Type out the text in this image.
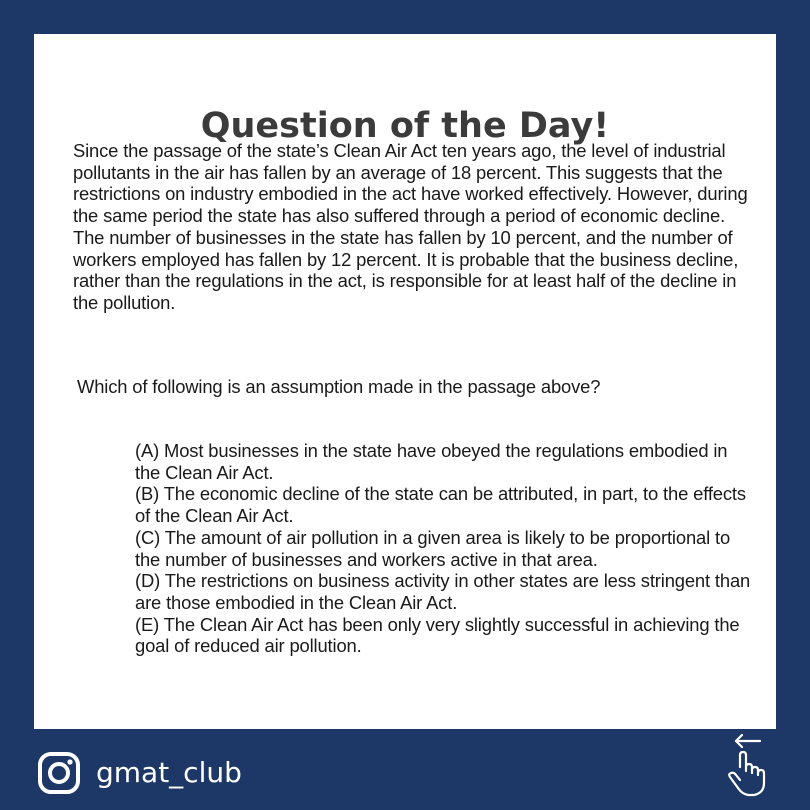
Question of the Day!

Since the passage of the state’s Clean Air Act ten years ago, the level of industrial pollutants in the air has fallen by an average of 18 percent. This suggests that the restrictions on industry embodied in the act have worked effectively. However, during the same period the state has also suffered through a period of economic decline. The number of businesses in the state has fallen by 10 percent, and the number of workers employed has fallen by 12 percent. It is probable that the business decline, rather than the regulations in the act, is responsible for at least half of the decline in the pollution.

Which of following is an assumption made in the passage above?

(A) Most businesses in the state have obeyed the regulations embodied in the Clean Air Act.
(B) The economic decline of the state can be attributed, in part, to the effects of the Clean Air Act.
(C) The amount of air pollution in a given area is likely to be proportional to the number of businesses and workers active in that area.
(D) The restrictions on business activity in other states are less stringent than are those embodied in the Clean Air Act.
(E) The Clean Air Act has been only very slightly successful in achieving the goal of reduced air pollution.

gmat_club
